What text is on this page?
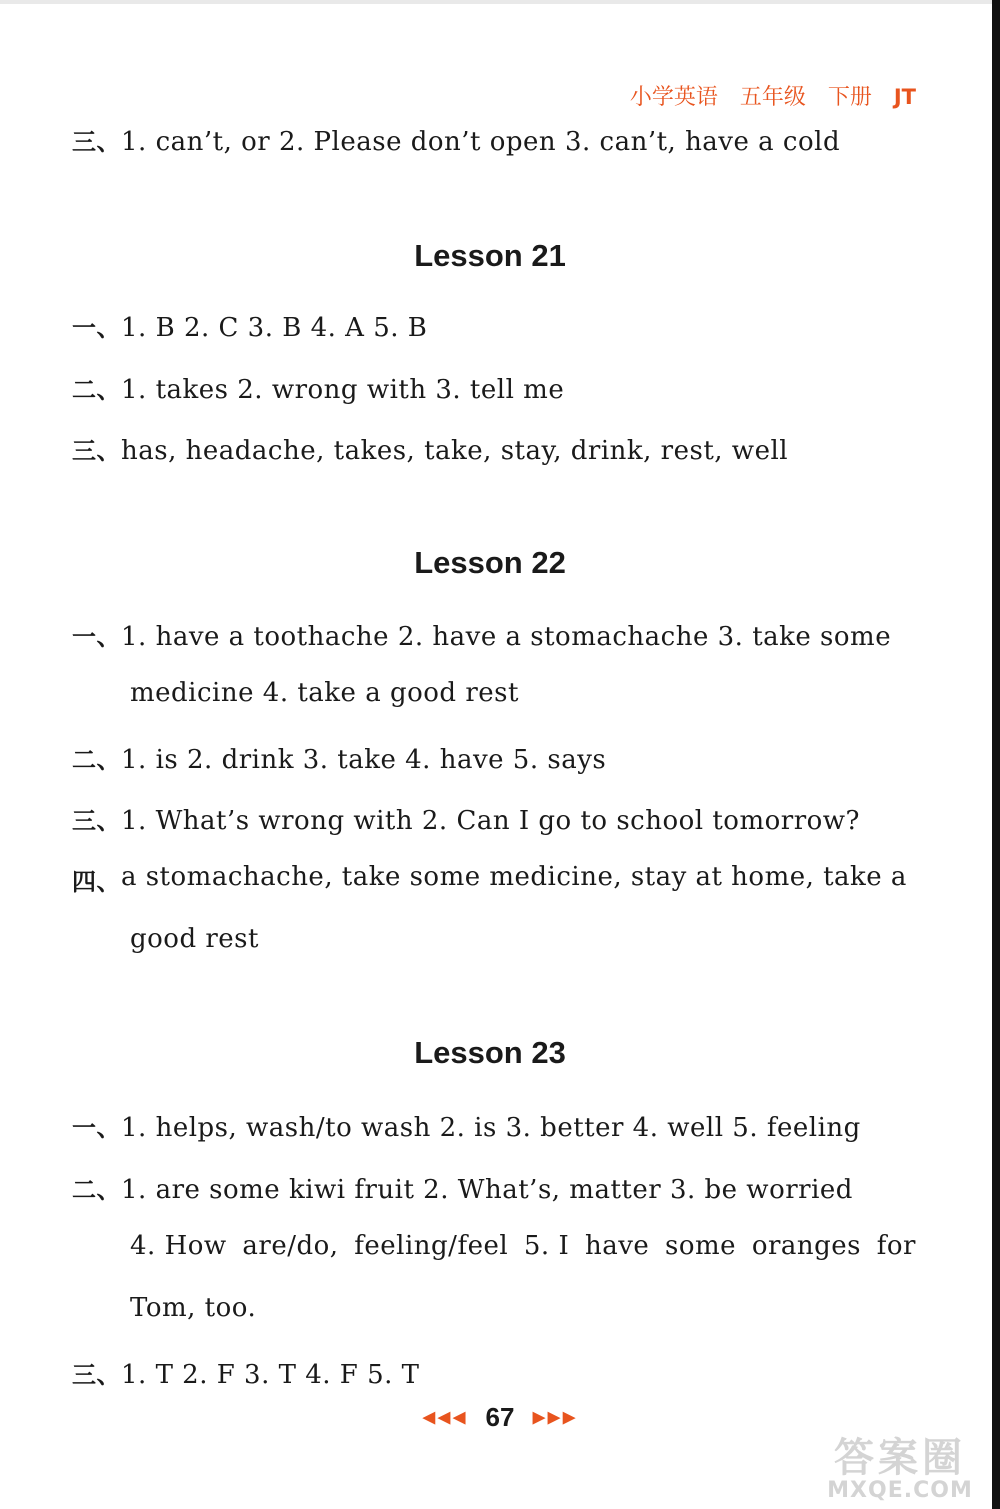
小学英语 五年级 下册 JT
三、1. can’t, or 2. Please don’t open 3. can’t, have a cold
Lesson 21
一、1. B 2. C 3. B 4. A 5. B
二、1. takes 2. wrong with 3. tell me
三、has, headache, takes, take, stay, drink, rest, well
Lesson 22
一、1. have a toothache 2. have a stomachache 3. take some
medicine 4. take a good rest
二、1. is 2. drink 3. take 4. have 5. says
三、1. What’s wrong with 2. Can I go to school tomorrow?
四、 a stomachache, take some medicine, stay at home, take a
good rest
Lesson 23
一、1. helps, wash/to wash 2. is 3. better 4. well 5. feeling
二、1. are some kiwi fruit 2. What’s, matter 3. be worried
4. How are/do, feeling/feel 5. I have some oranges for
Tom, too.
三、1. T 2. F 3. T 4. F 5. T
◀◀◀ 67 ▶▶▶
答案圈
MXQE.COM
